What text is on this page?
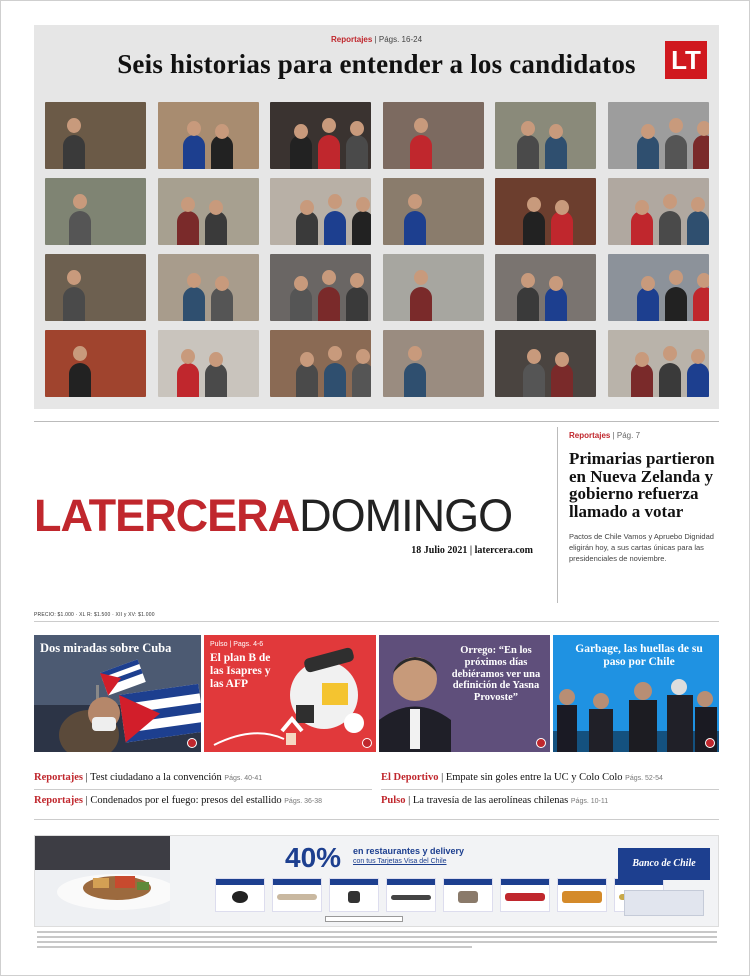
Reportajes | Págs. 16-24
Seis historias para entender a los candidatos	LT
LATERCERADOMINGO
18 Julio 2021 | latercera.com
Reportajes | Pág. 7
Primarias partieron en Nueva Zelanda y gobierno refuerza llamado a votar
Pactos de Chile Vamos y Apruebo Dignidad eligirán hoy, a sus cartas únicas para las presidenciales de noviembre.
PRECIO: $1.000 · XL R: $1.500 · XII y XV: $1.000
Dos miradas sobre Cuba	Pulso | Pags. 4-6
El plan B de las Isapres y las AFP
Orrego: “En los próximos días debiéramos ver una definición de Yasna Provoste”
Garbage, las huellas de su paso por Chile
Reportajes | Test ciudadano a la convención Págs. 40-41
Reportajes | Condenados por el fuego: presos del estallido Págs. 36-38
El Deportivo | Empate sin goles entre la UC y Colo Colo Págs. 52-54
Pulso | La travesía de las aerolíneas chilenas Págs. 10-11
40% en restaurantes y delivery
con tus Tarjetas Visa del Chile	Banco de Chile
